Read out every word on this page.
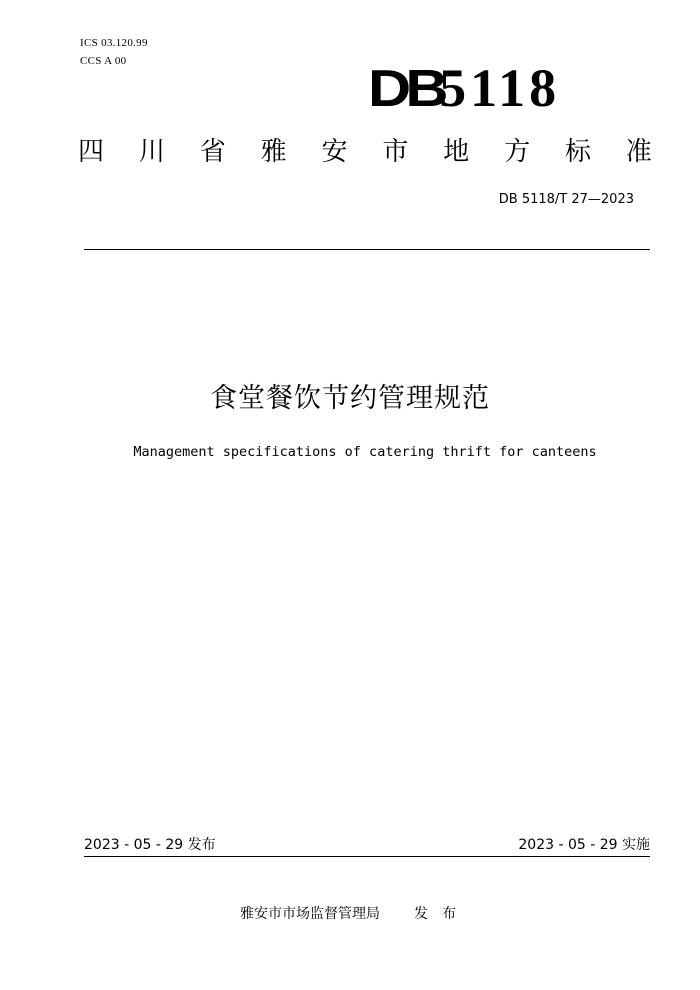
ICS 03.120.99
CCS A 00	DB5118
四 川 省 雅 安 市 地 方 标 准
DB 5118/T 27—2023
食堂餐饮节约管理规范
Management specifications of catering thrift for canteens
2023 - 05 - 29 发布	2023 - 05 - 29 实施
雅安市市场监督管理局 发布
